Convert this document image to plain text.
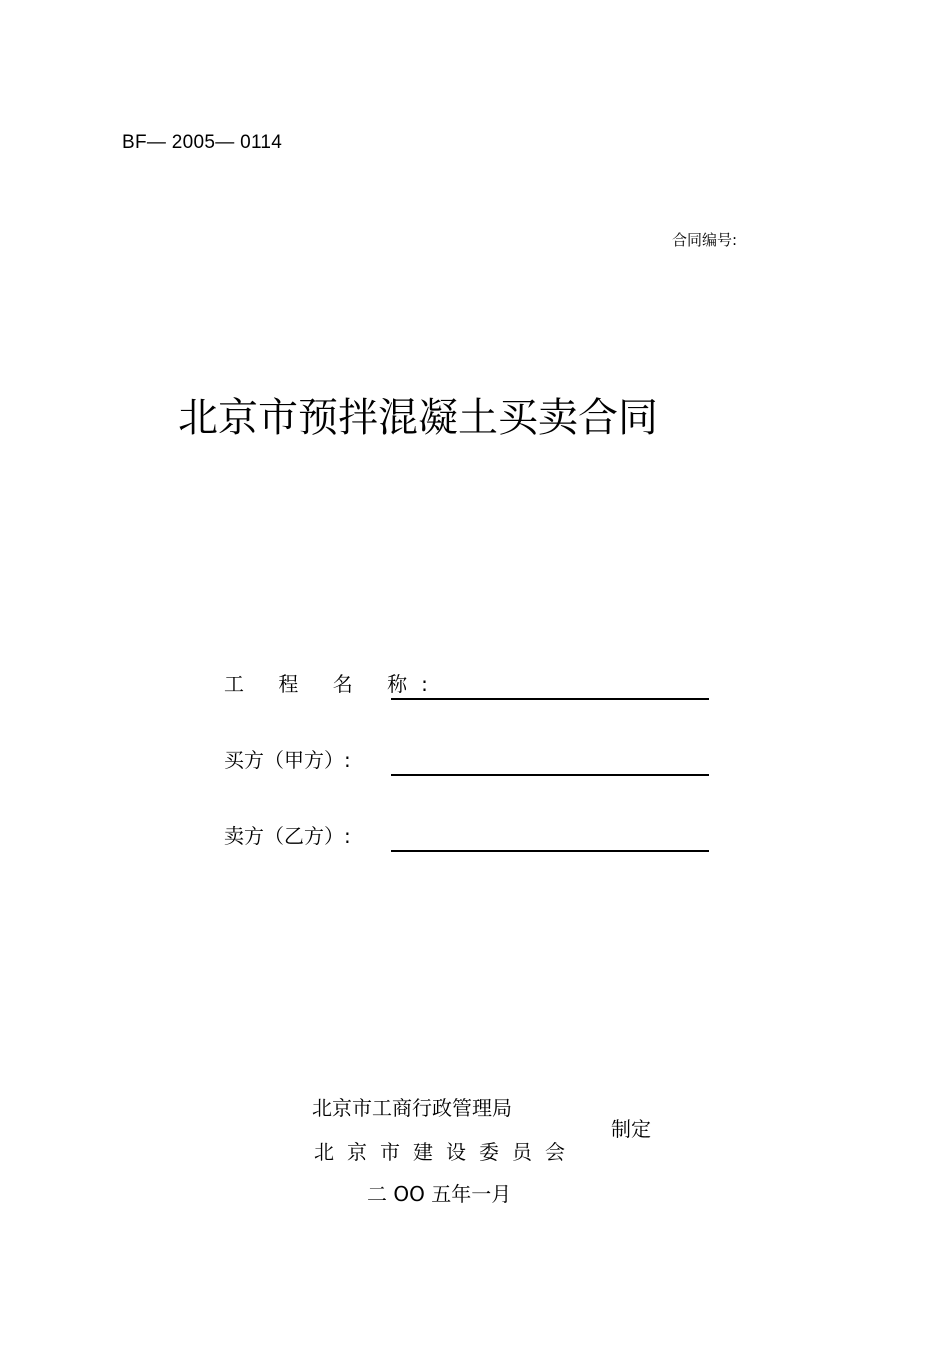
BF— 2005— 0114
合同编号:
北京市预拌混凝土买卖合同
工 程 名 称:
买方（甲方）:
卖方（乙方）:
北京市工商行政管理局
北京市建设委员会
制定
二 OO 五年一月
